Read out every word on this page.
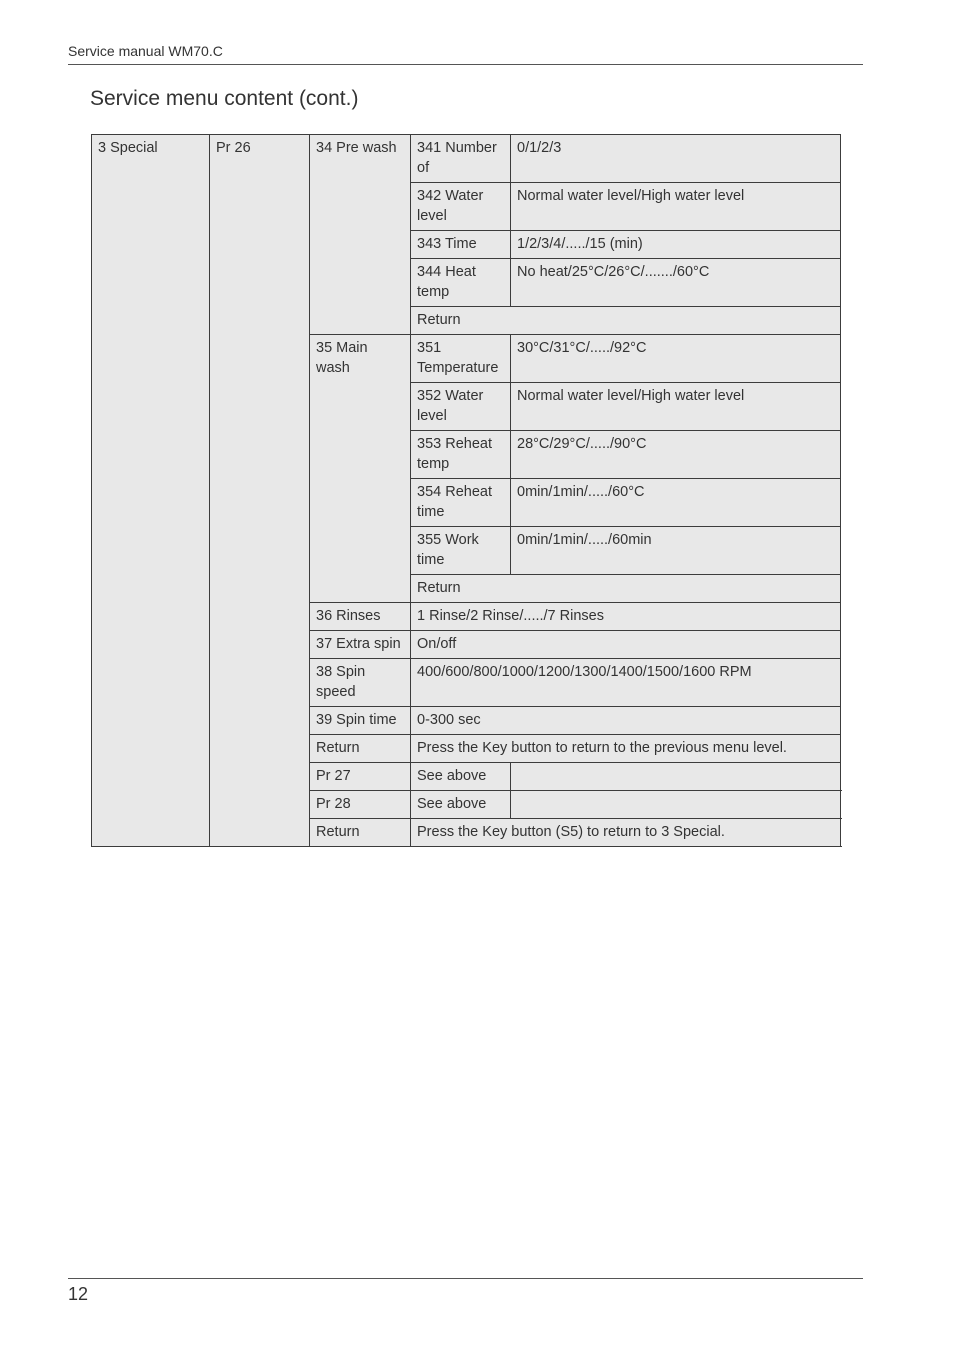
Service manual WM70.C
Service menu content (cont.)
3 Special	Pr 26	34 Pre wash	341 Number of	0/1/2/3
			342 Water level	Normal water level/High water level
			343 Time	1/2/3/4/...../15 (min)
			344 Heat temp	No heat/25°C/26°C/......./60°C
			Return	
		35 Main wash	351 Temperature	30°C/31°C/...../92°C
			352 Water level	Normal water level/High water level
			353 Reheat temp	28°C/29°C/...../90°C
			354 Reheat time	0min/1min/...../60°C
			355 Work time	0min/1min/...../60min
			Return	
		36 Rinses	1 Rinse/2 Rinse/...../7 Rinses	
		37 Extra spin	On/off	
		38 Spin speed	400/600/800/1000/1200/1300/1400/1500/1600 RPM	
		39 Spin time	0-300 sec	
		Return	Press the Key button to return to the previous menu level.	
		Pr 27	See above	
		Pr 28	See above	
		Return	Press the Key button (S5) to return to 3 Special.	
12
